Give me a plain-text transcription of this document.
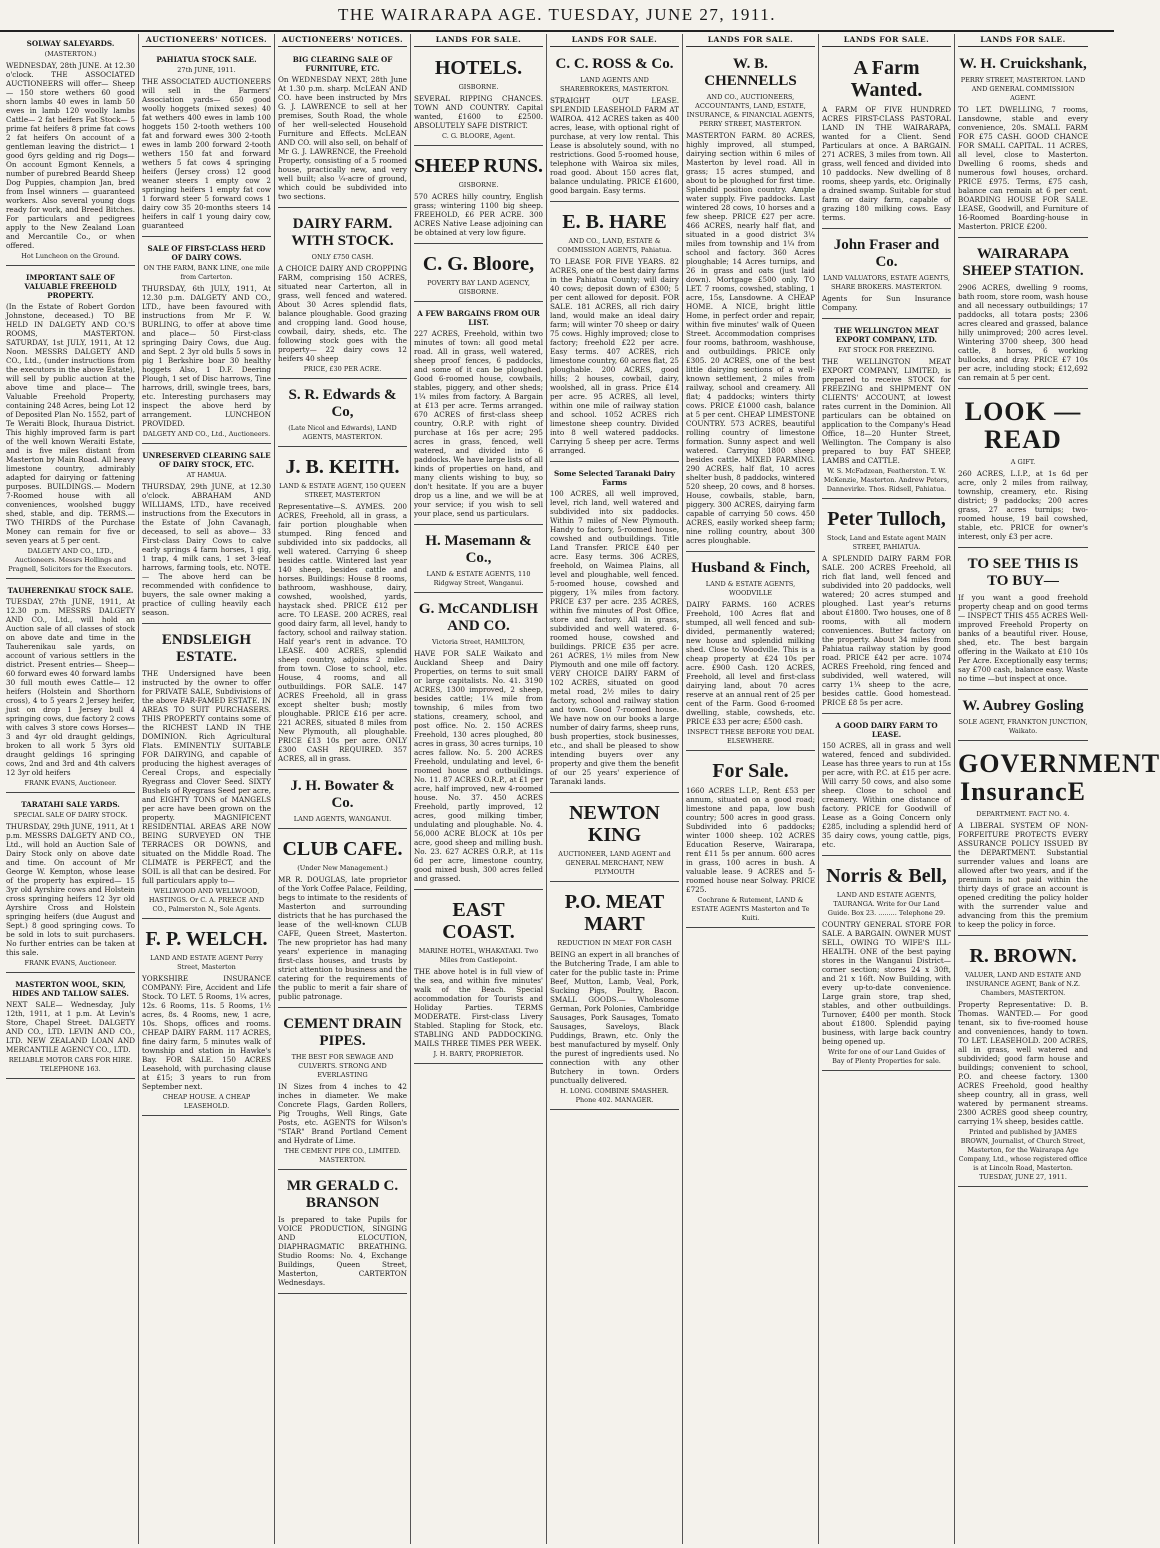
THE WAIRARAPA AGE. TUESDAY, JUNE 27, 1911.
SOLWAY SALEYARDS.
(MASTERTON.)
WEDNESDAY, 28th JUNE. At 12.30 o'clock. THE ASSOCIATED AUCTIONEERS will offer— Sheep— 150 store wethers 60 good shorn lambs 40 ewes in lamb 50 ewes in lamb 120 woolly lambs Cattle— 2 fat heifers Fat Stock— 5 prime fat heifers 8 prime fat cows 2 fat heifers On account of a gentleman leaving the district— 1 good 6yrs gelding and rig Dogs— On account Egmont Kennels, a number of purebred Beardd Sheep Dog Puppies, champion Jan, bred from Insel winners — guaranteed workers. Also several young dogs ready for work, and Breed Bitches. For particulars and pedigrees apply to the New Zealand Loan and Mercantile Co., or when offered.
Hot Luncheon on the Ground.
IMPORTANT SALE OF VALUABLE FREEHOLD PROPERTY.
(In the Estate of Robert Gordon Johnstone, deceased.) TO BE HELD IN DALGETY AND CO.'S ROOMS, MASTERTON. SATURDAY, 1st JULY, 1911, At 12 Noon. MESSRS DALGETY AND CO., Ltd., (under instructions from the executors in the above Estate), will sell by public auction at the above time and place— The Valuable Freehold Property, containing 248 Acres, being Lot 12 of Deposited Plan No. 1552, part of Te Weraiti Block, Ihuraua District. This highly improved farm is part of the well known Weraiti Estate, and is five miles distant from Masterton by Main Road. All heavy limestone country, admirably adapted for dairying or fattening purposes. BUILDINGS.— Modern 7-Roomed house with all conveniences, woolshed buggy shed, stable, and dip. TERMS.— TWO THIRDS of the Purchase Money can remain for five or seven years at 5 per cent.
DALGETY AND CO., LTD., Auctioneers. Messrs Hollings and Pragnell, Solicitors for the Executors.
TAUHERENIKAU STOCK SALE.
TUESDAY, 27th JUNE, 1911, At 12.30 p.m. MESSRS DALGETY AND CO., Ltd., will hold an Auction sale of all classes of stock on above date and time in the Tauherenikau sale yards, on account of various settlers in the district. Present entries— Sheep— 60 forward ewes 40 forward lambs 30 full mouth ewes Cattle— 12 heifers (Holstein and Shorthorn cross), 4 to 5 years 2 Jersey heifer, just on drop 1 Jersey bull 4 springing cows, due factory 2 cows with calves 3 store cows Horses— 3 and 4yr old draught geldings, broken to all work 5 3yrs old draught geldings 16 springing cows, 2nd and 3rd and 4th calvers 12 3yr old heifers
FRANK EVANS, Auctioneer.
TARATAHI SALE YARDS.
SPECIAL SALE OF DAIRY STOCK.
THURSDAY, 29th JUNE, 1911, At 1 p.m. MESSRS DALGETY AND CO., Ltd., will hold an Auction Sale of Dairy Stock only on above date and time. On account of Mr George W. Kempton, whose lease of the property has expired— 15 3yr old Ayrshire cows and Holstein cross springing heifers 12 3yr old Ayrshire Cross and Holstein springing heifers (due August and Sept.) 8 good springing cows. To be sold in lots to suit purchasers. No further entries can be taken at this sale.
FRANK EVANS, Auctioneer.
MASTERTON WOOL, SKIN, HIDES AND TALLOW SALES.
NEXT SALE— Wednesday, July 12th, 1911, at 1 p.m. At Levin's Store, Chapel Street. DALGETY AND CO., LTD. LEVIN AND CO., LTD. NEW ZEALAND LOAN AND MERCANTILE AGENCY CO., LTD.
RELIABLE MOTOR CARS FOR HIRE. TELEPHONE 163.
AUCTIONEERS' NOTICES.
PAHIATUA STOCK SALE.
27th JUNE, 1911.
THE ASSOCIATED AUCTIONEERS will sell in the Farmers' Association yards— 650 good woolly hoggets (mixed sexes) 40 fat wethers 400 ewes in lamb 100 hoggets 150 2-tooth wethers 100 fat and forward ewes 300 2-tooth ewes in lamb 200 forward 2-tooth wethers 150 fat and forward wethers 5 fat cows 4 springing heifers (Jersey cross) 12 good weaner steers 1 empty cow 2 springing heifers 1 empty fat cow 1 forward steer 5 forward cows 1 dairy cow 35 20-months steers 14 heifers in calf 1 young dairy cow, guaranteed
SALE OF FIRST-CLASS HERD OF DAIRY COWS.
ON THE FARM, BANK LINE, one mile from Carterton.
THURSDAY, 6th JULY, 1911, At 12.30 p.m. DALGETY AND CO., LTD., have been favoured with instructions from Mr F. W. BURLING, to offer at above time and place— 50 First-class springing Dairy Cows, due Aug. and Sept. 2 3yr old bulls 5 sows in pig 1 Berkshire boar 30 healthy hoggets Also, 1 D.F. Deering Plough, 1 set of Disc harrows, Tine harrows, drill, swingle trees, bars, etc. Interesting purchasers may inspect the above herd by arrangement. LUNCHEON PROVIDED.
DALGETY AND CO., Ltd., Auctioneers.
UNRESERVED CLEARING SALE OF DAIRY STOCK, ETC.
AT HAMUA.
THURSDAY, 29th JUNE, at 12.30 o'clock. ABRAHAM AND WILLIAMS, LTD., have received instructions from the Executors in the Estate of John Cavanagh, deceased, to sell as above— 33 First-class Dairy Cows to calve early springs 4 farm horses, 1 gig, 1 trap, 4 milk cans, 1 set 3-leaf harrows, farming tools, etc. NOTE.— The above herd can be recommended with confidence to buyers, the sale owner making a practice of culling heavily each season.
ENDSLEIGH ESTATE.
THE Undersigned have been instructed by the owner to offer for PRIVATE SALE, Subdivisions of the above FAR-FAMED ESTATE. IN AREAS TO SUIT PURCHASERS. THIS PROPERTY contains some of the RICHEST LAND IN THE DOMINION. Rich Agricultural Flats. EMINENTLY SUITABLE FOR DAIRYING, and capable of producing the highest averages of Cereal Crops, and especially Ryegrass and Clover Seed. SIXTY Bushels of Ryegrass Seed per acre, and EIGHTY TONS of MANGELS per acre have been grown on the property. MAGNIFICENT RESIDENTIAL AREAS ARE NOW BEING SURVEYED ON THE TERRACES OR DOWNS, and situated on the Middle Road. The CLIMATE is PERFECT, and the SOIL is all that can be desired. For full particulars apply to—
WELLWOOD AND WELLWOOD, HASTINGS. Or C. A. PREECE AND CO., Palmerston N., Sole Agents.
F. P. WELCH.
LAND AND ESTATE AGENT Perry Street, Masterton
YORKSHIRE INSURANCE COMPANY: Fire, Accident and Life Stock. TO LET. 5 Rooms, 1¼ acres, 12s. 6 Rooms, 11s. 5 Rooms, 1½ acres, 8s. 4 Rooms, new, 1 acre, 10s. Shops, offices and rooms. CHEAP DAIRY FARM. 117 ACRES, fine dairy farm, 5 minutes walk of township and station in Hawke's Bay. FOR SALE. 150 ACRES Leasehold, with purchasing clause at £15; 3 years to run from September next.
CHEAP HOUSE. A CHEAP LEASEHOLD.
AUCTIONEERS' NOTICES.
BIG CLEARING SALE OF FURNITURE, ETC.
On WEDNESDAY NEXT, 28th June At 1.30 p.m. sharp. McLEAN AND CO. have been instructed by Mrs G. J. LAWRENCE to sell at her premises, South Road, the whole of her well-selected Household Furniture and Effects. McLEAN AND CO. will also sell, on behalf of Mr G. J. LAWRENCE, the Freehold Property, consisting of a 5 roomed house, practically new, and very well built; also ¼-acre of ground, which could be subdivided into two sections.
DAIRY FARM. WITH STOCK.
ONLY £750 CASH.
A CHOICE DAIRY AND CROPPING FARM, comprising 150 ACRES, situated near Carterton, all in grass, well fenced and watered. About 30 Acres splendid flats, balance ploughable. Good grazing and cropping land. Good house, cowbail, dairy, sheds, etc. The following stock goes with the property— 22 dairy cows 12 heifers 40 sheep
PRICE, £30 PER ACRE.
S. R. Edwards & Co,
(Late Nicol and Edwards), LAND AGENTS, MASTERTON.
J. B. KEITH.
LAND & ESTATE AGENT, 150 QUEEN STREET, MASTERTON
Representative—S. AYMES. 200 ACRES, Freehold, all in grass, a fair portion ploughable when stumped. Ring fenced and subdivided into six paddocks, all well watered. Carrying 6 sheep besides cattle. Wintered last year 140 sheep, besides cattle and horses. Buildings: House 8 rooms, bathroom, washhouse, dairy, cowshed, woolshed, yards, haystack shed. PRICE £12 per acre. TO LEASE. 200 ACRES, real good dairy farm, all level, handy to factory, school and railway station. Half year's rent in advance. TO LEASE. 400 ACRES, splendid sheep country, adjoins 2 miles from town. Close to school, etc. House, 4 rooms, and all outbuildings. FOR SALE. 147 ACRES Freehold, all in grass except shelter bush; mostly ploughable. PRICE £16 per acre. 221 ACRES, situated 8 miles from New Plymouth, all ploughable. PRICE £13 10s per acre. ONLY £300 CASH REQUIRED. 357 ACRES, all in grass.
J. H. Bowater & Co.
LAND AGENTS, WANGANUI.
CLUB CAFE.
(Under New Management.)
MR R. DOUGLAS, late proprietor of the York Coffee Palace, Feilding, begs to intimate to the residents of Masterton and surrounding districts that he has purchased the lease of the well-known CLUB CAFE, Queen Street, Masterton. The new proprietor has had many years' experience in managing first-class houses, and trusts by strict attention to business and the catering for the requirements of the public to merit a fair share of public patronage.
CEMENT DRAIN PIPES.
THE BEST FOR SEWAGE AND CULVERTS. STRONG AND EVERLASTING
IN Sizes from 4 inches to 42 inches in diameter. We make Concrete Flags, Garden Rollers, Pig Troughs, Well Rings, Gate Posts, etc. AGENTS for Wilson's "STAR" Brand Portland Cement and Hydrate of Lime.
THE CEMENT PIPE CO., LIMITED. MASTERTON.
MR GERALD C. BRANSON
Is prepared to take Pupils for VOICE PRODUCTION, SINGING AND ELOCUTION, DIAPHRAGMATIC BREATHING. Studio Rooms: No. 4, Exchange Buildings, Queen Street, Masterton, CARTERTON Wednesdays.
LANDS FOR SALE.
HOTELS.
GISBORNE.
SEVERAL RIPPING CHANCES. TOWN AND COUNTRY. Capital wanted, £1600 to £2500. ABSOLUTELY SAFE DISTRICT.
C. G. BLOORE, Agent.
SHEEP RUNS.
GISBORNE.
570 ACRES hilly country, English grass; wintering 1100 big sheep. FREEHOLD, £6 PER ACRE. 300 ACRES Native Lease adjoining can be obtained at very low figure.
C. G. Bloore,
POVERTY BAY LAND AGENCY, GISBORNE.
A FEW BARGAINS FROM OUR LIST.
227 ACRES, Freehold, within two minutes of town: all good metal road. All in grass, well watered, sheep proof fences, 6 paddocks, and some of it can be ploughed. Good 6-roomed house, cowbails, stables, piggery, and other sheds; 1¼ miles from factory. A Bargain at £13 per acre. Terms arranged. 670 ACRES of first-class sheep country, O.R.P. with right of purchase at 16s per acre; 295 acres in grass, fenced, well watered, and divided into 6 paddocks. We have large lists of all kinds of properties on hand, and many clients wishing to buy, so don't hesitate. If you are a buyer drop us a line, and we will be at your service; if you wish to sell your place, send us particulars.
H. Masemann & Co.,
LAND & ESTATE AGENTS, 110 Ridgway Street, Wanganui.
G. McCANDLISH AND CO.
Victoria Street, HAMILTON,
HAVE FOR SALE Waikato and Auckland Sheep and Dairy Properties, on terms to suit small or large capitalists. No. 41. 3190 ACRES, 1300 improved, 2 sheep, besides cattle; 1¼ mile from township, 6 miles from two stations, creamery, school, and post office. No. 2. 150 ACRES Freehold, 130 acres ploughed, 80 acres in grass, 30 acres turnips, 10 acres fallow. No. 5. 200 ACRES Freehold, undulating and level, 6-roomed house and outbuildings. No. 11. 87 ACRES O.R.P., at £1 per acre, half improved, new 4-roomed house. No. 37. 450 ACRES Freehold, partly improved, 12 acres, good milking timber, undulating and ploughable. No. 4. 56,000 ACRE BLOCK at 10s per acre, good sheep and milling bush. No. 23. 627 ACRES O.R.P., at 11s 6d per acre, limestone country, good mixed bush, 300 acres felled and grassed.
EAST COAST.
MARINE HOTEL, WHAKATAKI. Two Miles from Castlepoint.
THE above hotel is in full view of the sea, and within five minutes' walk of the Beach. Special accommodation for Tourists and Holiday Parties. TERMS MODERATE. First-class Livery Stabled. Stapling for Stock, etc. STABLING AND PADDOCKING. MAILS THREE TIMES PER WEEK.
J. H. BARTY, PROPRIETOR.
LANDS FOR SALE.
C. C. ROSS & Co.
LAND AGENTS AND SHAREBROKERS, MASTERTON.
STRAIGHT OUT LEASE. SPLENDID LEASEHOLD FARM AT WAIROA. 412 ACRES taken as 400 acres, lease, with optional right of purchase, at very low rental. This Lease is absolutely sound, with no restrictions. Good 5-roomed house, telephone with Wairoa six miles, road good. About 150 acres flat, balance undulating. PRICE £1600, good bargain. Easy terms.
E. B. HARE
AND CO., LAND, ESTATE & COMMISSION AGENTS, Pahiatua.
TO LEASE FOR FIVE YEARS. 82 ACRES, one of the best dairy farms in the Pahiatua County; will dairy 40 cows; deposit down of £300; 5 per cent allowed for deposit. FOR SALE. 181 ACRES, all rich dairy land, would make an ideal dairy farm; will winter 70 sheep or dairy 75 cows. Highly improved; close to factory; freehold £22 per acre. Easy terms. 407 ACRES, rich limestone country, 60 acres flat, 25 ploughable. 200 ACRES, good hills; 2 houses, cowbail, dairy, woolshed, all in grass. Price £14 per acre. 95 ACRES, all level, within one mile of railway station and school. 1052 ACRES rich limestone sheep country. Divided into 8 well watered paddocks. Carrying 5 sheep per acre. Terms arranged.
Some Selected Taranaki Dairy Farms
100 ACRES, all well improved, level, rich land, well watered and subdivided into six paddocks. Within 7 miles of New Plymouth. Handy to factory, 5-roomed house, cowshed and outbuildings. Title Land Transfer. PRICE £40 per acre. Easy terms. 306 ACRES, freehold, on Waimea Plains, all level and ploughable, well fenced. 5-roomed house, cowshed and piggery, 1¾ miles from factory. PRICE £37 per acre. 235 ACRES, within five minutes of Post Office, store and factory. All in grass, subdivided and well watered. 6-roomed house, cowshed and buildings. PRICE £35 per acre. 261 ACRES, 1½ miles from New Plymouth and one mile off factory. VERY CHOICE DAIRY FARM of 102 ACRES, situated on good metal road, 2½ miles to dairy factory, school and railway station and town. Good 7-roomed house. We have now on our books a large number of dairy farms, sheep runs, bush properties, stock businesses, etc., and shall be pleased to show intending buyers over any property and give them the benefit of our 25 years' experience of Taranaki lands.
NEWTON KING
AUCTIONEER, LAND AGENT and GENERAL MERCHANT, NEW PLYMOUTH
P.O. MEAT MART
REDUCTION IN MEAT FOR CASH
BEING an expert in all branches of the Butchering Trade, I am able to cater for the public taste in: Prime Beef, Mutton, Lamb, Veal, Pork, Sucking Pigs, Poultry, Bacon. SMALL GOODS.— Wholesome German, Pork Polonies, Cambridge Sausages, Pork Sausages, Tomato Sausages, Saveloys, Black Puddings, Brawn, etc. Only the best manufactured by myself. Only the purest of ingredients used. No connection with any other Butchery in town. Orders punctually delivered.
H. LONG. COMBINE SMASHER. Phone 402. MANAGER.
LANDS FOR SALE.
W. B. CHENNELLS
AND CO., AUCTIONEERS, ACCOUNTANTS, LAND, ESTATE, INSURANCE, & FINANCIAL AGENTS, PERRY STREET, MASTERTON.
MASTERTON FARM. 80 ACRES, highly improved, all stumped, dairying section within 6 miles of Masterton by level road. All in grass; 15 acres stumped, and about to be ploughed for first time. Splendid position country. Ample water supply. Five paddocks. Last wintered 28 cows, 10 horses and a few sheep. PRICE £27 per acre. 466 ACRES, nearly half flat, and situated in a good district 3¼ miles from township and 1¼ from school and factory. 360 Acres ploughable; 14 Acres turnips, and 26 in grass and oats (just laid down). Mortgage £500 only. TO LET. 7 rooms, cowshed, stabling, 1 acre, 15s, Lansdowne. A CHEAP HOME. A NICE, bright little Home, in perfect order and repair, within five minutes' walk of Queen Street. Accommodation comprises four rooms, bathroom, washhouse, and outbuildings. PRICE only £305. 20 ACRES, one of the best little dairying sections of a well-known settlement, 2 miles from railway, school and creamery. All flat; 4 paddocks; winters thirty cows. PRICE £1000 cash, balance at 5 per cent. CHEAP LIMESTONE COUNTRY. 573 ACRES, beautiful rolling country of limestone formation. Sunny aspect and well watered. Carrying 1800 sheep besides cattle. MIXED FARMING. 290 ACRES, half flat, 10 acres shelter bush, 8 paddocks, wintered 520 sheep, 20 cows, and 8 horses. House, cowbails, stable, barn, piggery. 300 ACRES, dairying farm capable of carrying 50 cows. 450 ACRES, easily worked sheep farm; nine rolling country, about 300 acres ploughable.
Husband & Finch,
LAND & ESTATE AGENTS, WOODVILLE
DAIRY FARMS. 160 ACRES Freehold, 100 Acres flat and stumped, all well fenced and sub-divided, permanently watered; new house and splendid milking shed. Close to Woodville. This is a cheap property at £24 10s per acre. £900 Cash. 120 ACRES, Freehold, all level and first-class dairying land, about 70 acres reserve at an annual rent of 25 per cent of the Farm. Good 6-roomed dwelling, stable, cowsheds, etc. PRICE £33 per acre; £500 cash.
INSPECT THESE BEFORE YOU DEAL ELSEWHERE.
For Sale.
1660 ACRES L.I.P., Rent £53 per annum, situated on a good road; limestone and papa, low bush country; 500 acres in good grass. Subdivided into 6 paddocks; winter 1000 sheep. 102 ACRES Education Reserve, Wairarapa, rent £11 5s per annum. 600 acres in grass, 100 acres in bush. A valuable lease. 9 ACRES and 5-roomed house near Solway. PRICE £725.
Cochrane & Rutement, LAND & ESTATE AGENTS Masterton and Te Kuiti.
LANDS FOR SALE.
A Farm Wanted.
A FARM OF FIVE HUNDRED ACRES FIRST-CLASS PASTORAL LAND IN THE WAIRARAPA, wanted for a Client. Send Particulars at once. A BARGAIN. 271 ACRES, 3 miles from town. All grass, well fenced and divided into 10 paddocks. New dwelling of 8 rooms, sheep yards, etc. Originally a drained swamp. Suitable for stud farm or dairy farm, capable of grazing 180 milking cows. Easy terms.
John Fraser and Co.
LAND VALUATORS, ESTATE AGENTS, SHARE BROKERS. MASTERTON.
Agents for Sun Insurance Company.
THE WELLINGTON MEAT EXPORT COMPANY, LTD.
FAT STOCK FOR FREEZING.
THE WELLINGTON MEAT EXPORT COMPANY, LIMITED, is prepared to receive STOCK for FREEZING and SHIPMENT ON CLIENTS' ACCOUNT, at lowest rates current in the Dominion. All particulars can be obtained on application to the Company's Head Office, 18—20 Hunter Street, Wellington. The Company is also prepared to buy FAT SHEEP, LAMBS and CATTLE.
W. S. McFadzean, Featherston. T. W. McKenzie, Masterton. Andrew Peters, Dannevirke. Thos. Ridsell, Pahiatua.
Peter Tulloch,
Stock, Land and Estate agent MAIN STREET, PAHIATUA.
A SPLENDID DAIRY FARM FOR SALE. 200 ACRES Freehold, all rich flat land, well fenced and subdivided into 20 paddocks, well watered; 20 acres stumped and ploughed. Last year's returns about £1800. Two houses, one of 8 rooms, with all modern conveniences. Butter factory on the property. About 34 miles from Pahiatua railway station by good road. PRICE £42 per acre. 1074 ACRES Freehold, ring fenced and subdivided, well watered, will carry 1¼ sheep to the acre, besides cattle. Good homestead. PRICE £8 5s per acre.
A GOOD DAIRY FARM TO LEASE.
150 ACRES, all in grass and well watered, fenced and subdivided. Lease has three years to run at 15s per acre, with P.C. at £15 per acre. Will carry 50 cows, and also some sheep. Close to school and creamery. Within one distance of factory. PRICE for Goodwill of Lease as a Going Concern only £285, including a splendid herd of 35 dairy cows, young cattle, pigs, etc.
Norris & Bell,
LAND AND ESTATE AGENTS, TAURANGA. Write for Our Land Guide. Box 23. ......... Telephone 29.
COUNTRY GENERAL STORE FOR SALE. A BARGAIN. OWNER MUST SELL, OWING TO WIFE'S ILL-HEALTH. ONE of the best paying stores in the Wanganui District—corner section; stores 24 x 30ft, and 21 x 16ft. Now Building, with every up-to-date convenience. Large grain store, trap shed, stables, and other outbuildings. Turnover, £400 per month. Stock about £1800. Splendid paying business, with large back country being opened up.
Write for one of our Land Guides of Bay of Plenty Properties for sale.
LANDS FOR SALE.
W. H. Cruickshank,
PERRY STREET, MASTERTON. LAND AND GENERAL COMMISSION AGENT.
TO LET. DWELLING, 7 rooms, Lansdowne, stable and every convenience, 20s. SMALL FARM FOR £75 CASH. GOOD CHANCE FOR SMALL CAPITAL. 11 ACRES, all level, close to Masterton. Dwelling 6 rooms, sheds and numerous fowl houses, orchard. PRICE £975. Terms, £75 cash, balance can remain at 6 per cent. BOARDING HOUSE FOR SALE. LEASE, Goodwill, and Furniture of 16-Roomed Boarding-house in Masterton. PRICE £200.
WAIRARAPA SHEEP STATION.
2906 ACRES, dwelling 9 rooms, bath room, store room, wash house and all necessary outbuildings; 17 paddocks, all totara posts; 2306 acres cleared and grassed, balance hilly unimproved; 200 acres level. Wintering 3700 sheep, 300 head cattle, 8 horses, 6 working bullocks, and dray. PRICE £7 10s per acre, including stock; £12,692 can remain at 5 per cent.
LOOK — READ
A GIFT.
260 ACRES, L.I.P., at 1s 6d per acre, only 2 miles from railway, township, creamery, etc. Rising district; 9 paddocks; 200 acres grass, 27 acres turnips; two-roomed house, 19 bail cowshed, stable, etc. PRICE for owner's interest, only £3 per acre.
TO SEE THIS IS TO BUY—
If you want a good freehold property cheap and on good terms— INSPECT THIS 455 ACRES Well-improved Freehold Property on banks of a beautiful river. House, shed, etc. The best bargain offering in the Waikato at £10 10s Per Acre. Exceptionally easy terms; say £700 cash, balance easy. Waste no time —but inspect at once.
W. Aubrey Gosling
SOLE AGENT, FRANKTON JUNCTION, Waikato.
GOVERNMENT InsurancE
DEPARTMENT. FACT NO. 4.
A LIBERAL SYSTEM OF NON-FORFEITURE PROTECTS EVERY ASSURANCE POLICY ISSUED BY the DEPARTMENT. Substantial surrender values and loans are allowed after two years, and if the premium is not paid within the thirty days of grace an account is opened crediting the policy holder with the surrender value and advancing from this the premium to keep the policy in force.
R. BROWN.
VALUER, LAND AND ESTATE AND INSURANCE AGENT, Bank of N.Z. Chambers, MASTERTON.
Property Representative: D. B. Thomas. WANTED.— For good tenant, six to five-roomed house and conveniences, handy to town. TO LET. LEASEHOLD. 200 ACRES, all in grass, well watered and subdivided; good farm house and buildings; convenient to school, P.O. and cheese factory. 1300 ACRES Freehold, good healthy sheep country, all in grass, well watered by permanent streams. 2300 ACRES good sheep country, carrying 1¾ sheep, besides cattle.
Printed and published by JAMES BROWN, Journalist, of Church Street, Masterton, for the Wairarapa Age Company, Ltd., whose registered office is at Lincoln Road, Masterton. TUESDAY, JUNE 27, 1911.
